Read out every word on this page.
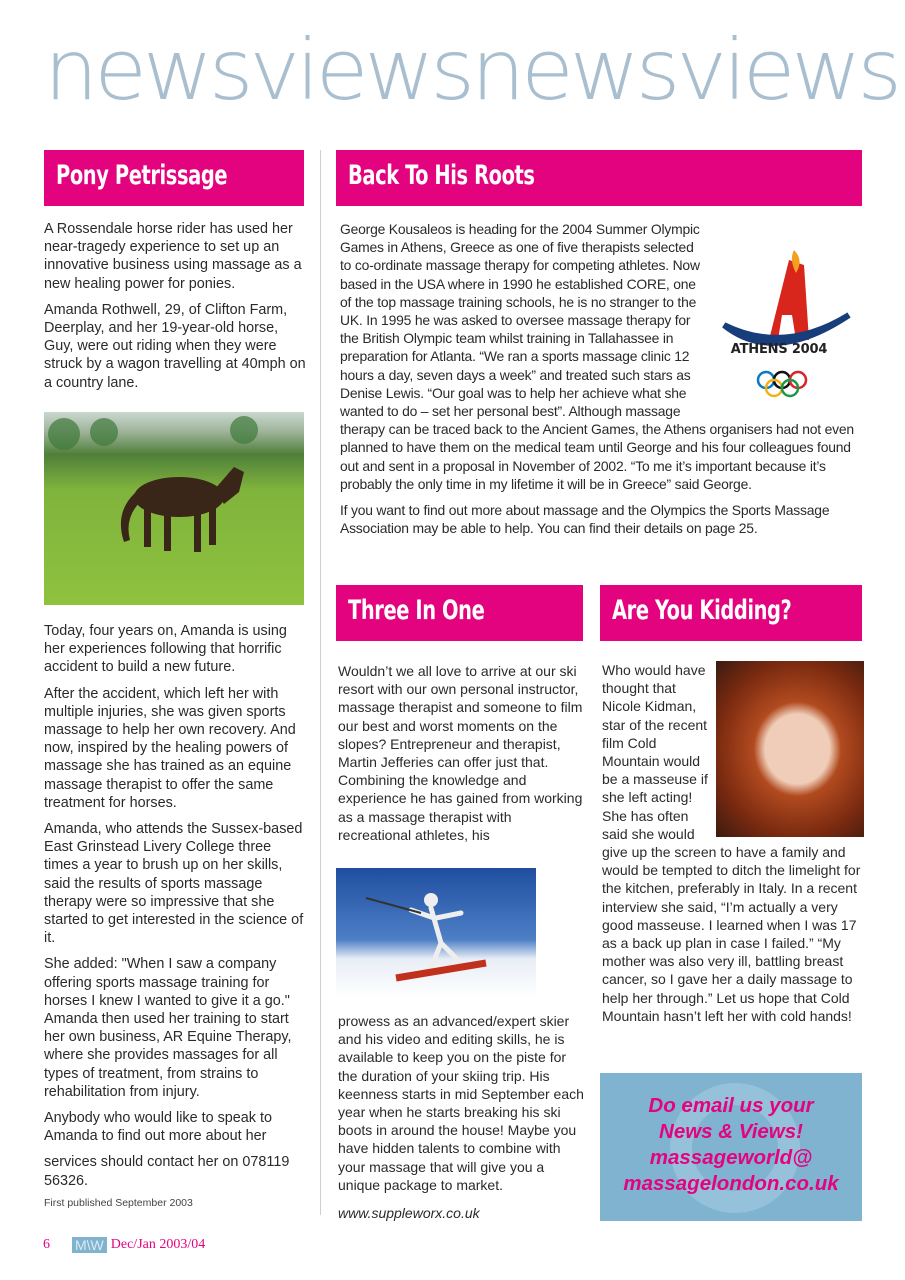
newsviewsnewsviews
Pony Petrissage

A Rossendale horse rider has used her near-tragedy experience to set up an innovative business using massage as a new healing power for ponies.

Amanda Rothwell, 29, of Clifton Farm, Deerplay, and her 19-year-old horse, Guy, were out riding when they were struck by a wagon travelling at 40mph on a country lane.

Today, four years on, Amanda is using her experiences following that horrific accident to build a new future.

After the accident, which left her with multiple injuries, she was given sports massage to help her own recovery. And now, inspired by the healing powers of massage she has trained as an equine massage therapist to offer the same treatment for horses.

Amanda, who attends the Sussex-based East Grinstead Livery College three times a year to brush up on her skills, said the results of sports massage therapy were so impressive that she started to get interested in the science of it.

She added: "When I saw a company offering sports massage training for horses I knew I wanted to give it a go." Amanda then used her training to start her own business, AR Equine Therapy, where she provides massages for all types of treatment, from strains to rehabilitation from injury.

Anybody who would like to speak to Amanda to find out more about her

services should contact her on 078119 56326.

First published September 2003
Back To His Roots
ATHENS 2004

George Kousaleos is heading for the 2004 Summer Olympic Games in Athens, Greece as one of five therapists selected to co-ordinate massage therapy for competing athletes. Now based in the USA where in 1990 he established CORE, one of the top massage training schools, he is no stranger to the UK. In 1995 he was asked to oversee massage therapy for the British Olympic team whilst training in Tallahassee in preparation for Atlanta. “We ran a sports massage clinic 12 hours a day, seven days a week” and treated such stars as Denise Lewis. “Our goal was to help her achieve what she wanted to do – set her personal best”. Although massage therapy can be traced back to the Ancient Games, the Athens organisers had not even planned to have them on the medical team until George and his four colleagues found out and sent in a proposal in November of 2002. “To me it’s important because it’s probably the only time in my lifetime it will be in Greece” said George.

If you want to find out more about massage and the Olympics the Sports Massage Association may be able to help. You can find their details on page 25.

Three In One

Wouldn’t we all love to arrive at our ski resort with our own personal instructor, massage therapist and someone to film our best and worst moments on the slopes? Entrepreneur and therapist, Martin Jefferies can offer just that. Combining the knowledge and experience he has gained from working as a massage therapist with recreational athletes, his

prowess as an advanced/expert skier and his video and editing skills, he is available to keep you on the piste for the duration of your skiing trip. His keenness starts in mid September each year when he starts breaking his ski boots in around the house! Maybe you have hidden talents to combine with your massage that will give you a unique package to market.

www.suppleworx.co.uk

Are You Kidding?

Who would have thought that Nicole Kidman, star of the recent film Cold Mountain would be a masseuse if she left acting! She has often said she would give up the screen to have a family and would be tempted to ditch the limelight for the kitchen, preferably in Italy. In a recent interview she said, “I’m actually a very good masseuse. I learned when I was 17 as a back up plan in case I failed.” “My mother was also very ill, battling breast cancer, so I gave her a daily massage to help her through.” Let us hope that Cold Mountain hasn’t left her with cold hands!

Do email us your
News & Views!
massageworld@
massagelondon.co.uk
6 M\W Dec/Jan 2003/04
